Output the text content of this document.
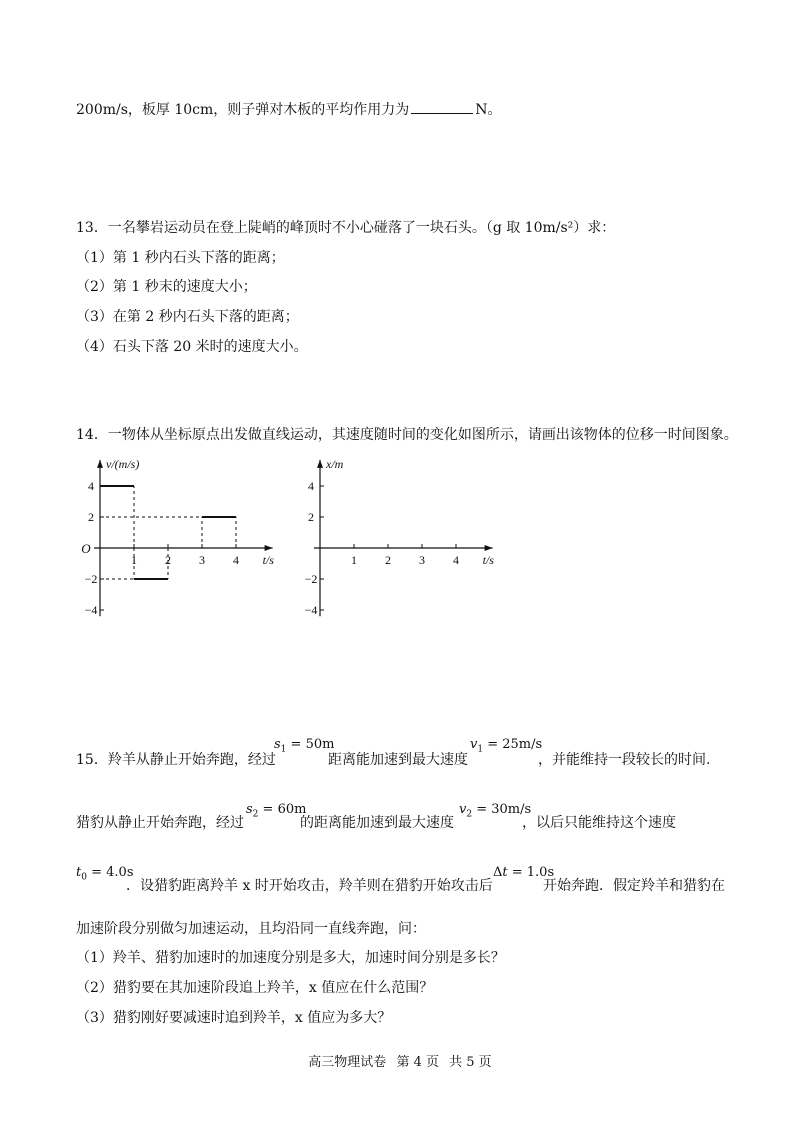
200m/s，板厚 10cm，则子弹对木板的平均作用力为	N。
13．一名攀岩运动员在登上陡峭的峰顶时不小心碰落了一块石头。（g 取 10m/s²）求：
（1）第 1 秒内石头下落的距离；
（2）第 1 秒末的速度大小；
（3）在第 2 秒内石头下落的距离；
（4）石头下落 20 米时的速度大小。
14．一物体从坐标原点出发做直线运动，其速度随时间的变化如图所示，请画出该物体的位移一时间图象。
1 2 3 4
4
2
−2
−4
v/(m/s)
t/s
O
1 2 3 4
4
2
−2
−4
x/m
t/s
15．羚羊从静止开始奔跑，经过
$s_1 = 50m$
距离能加速到最大速度
$v_1 = 25m/s$
，并能维持一段较长的时间.
猎豹从静止开始奔跑，经过
$s_2 = 60m$
的距离能加速到最大速度
$v_2 = 30m/s$
，以后只能维持这个速度
$t_0 = 4.0s$
．设猎豹距离羚羊 x 时开始攻击，羚羊则在猎豹开始攻击后
Δt = 1.0s
开始奔跑．假定羚羊和猎豹在
加速阶段分别做匀加速运动，且均沿同一直线奔跑，问：
（1）羚羊、猎豹加速时的加速度分别是多大，加速时间分别是多长？
（2）猎豹要在其加速阶段追上羚羊，x 值应在什么范围？
（3）猎豹刚好要减速时追到羚羊，x 值应为多大？
高三物理试卷 第 4 页 共 5 页
